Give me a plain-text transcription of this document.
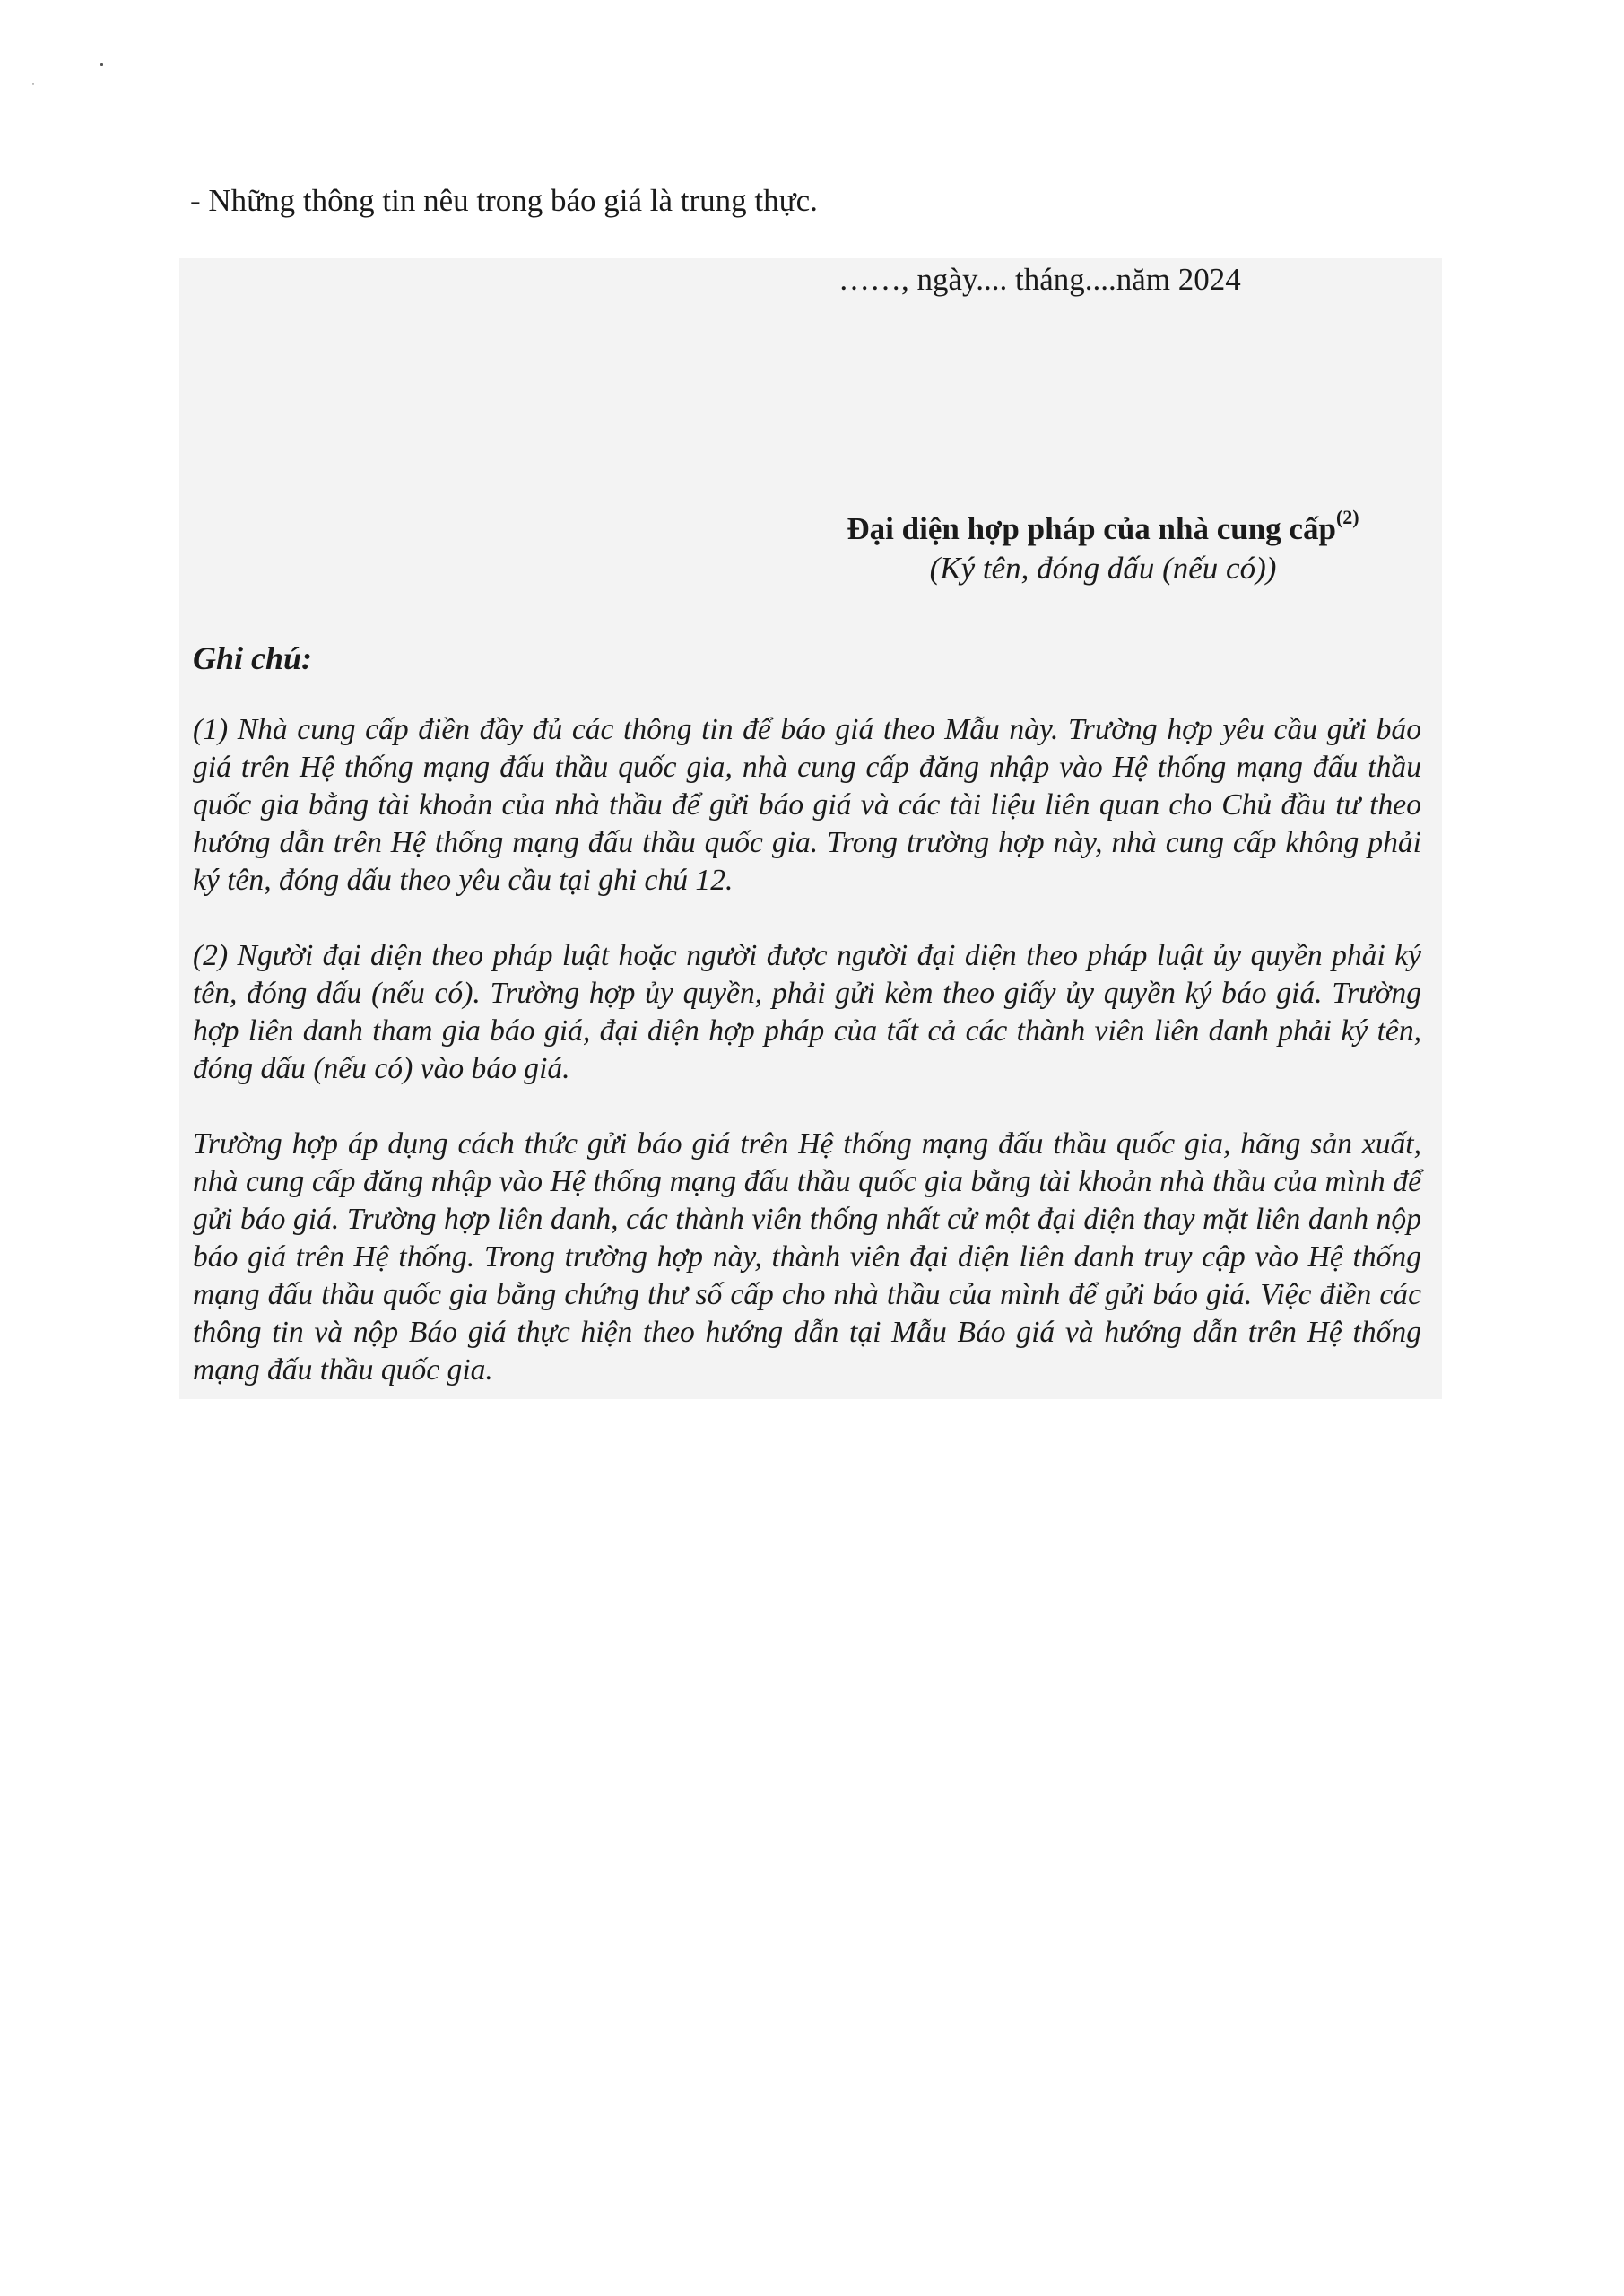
- Những thông tin nêu trong báo giá là trung thực.
……, ngày.... tháng....năm 2024
Đại diện hợp pháp của nhà cung cấp$^{(2)}$
(Ký tên, đóng dấu (nếu có))
Ghi chú:

(1) Nhà cung cấp điền đầy đủ các thông tin để báo giá theo Mẫu này. Trường hợp yêu cầu gửi báo giá trên Hệ thống mạng đấu thầu quốc gia, nhà cung cấp đăng nhập vào Hệ thống mạng đấu thầu quốc gia bằng tài khoản của nhà thầu để gửi báo giá và các tài liệu liên quan cho Chủ đầu tư theo hướng dẫn trên Hệ thống mạng đấu thầu quốc gia. Trong trường hợp này, nhà cung cấp không phải ký tên, đóng dấu theo yêu cầu tại ghi chú 12.

(2) Người đại diện theo pháp luật hoặc người được người đại diện theo pháp luật ủy quyền phải ký tên, đóng dấu (nếu có). Trường hợp ủy quyền, phải gửi kèm theo giấy ủy quyền ký báo giá. Trường hợp liên danh tham gia báo giá, đại diện hợp pháp của tất cả các thành viên liên danh phải ký tên, đóng dấu (nếu có) vào báo giá.

Trường hợp áp dụng cách thức gửi báo giá trên Hệ thống mạng đấu thầu quốc gia, hãng sản xuất, nhà cung cấp đăng nhập vào Hệ thống mạng đấu thầu quốc gia bằng tài khoản nhà thầu của mình để gửi báo giá. Trường hợp liên danh, các thành viên thống nhất cử một đại diện thay mặt liên danh nộp báo giá trên Hệ thống. Trong trường hợp này, thành viên đại diện liên danh truy cập vào Hệ thống mạng đấu thầu quốc gia bằng chứng thư số cấp cho nhà thầu của mình để gửi báo giá. Việc điền các thông tin và nộp Báo giá thực hiện theo hướng dẫn tại Mẫu Báo giá và hướng dẫn trên Hệ thống mạng đấu thầu quốc gia.
